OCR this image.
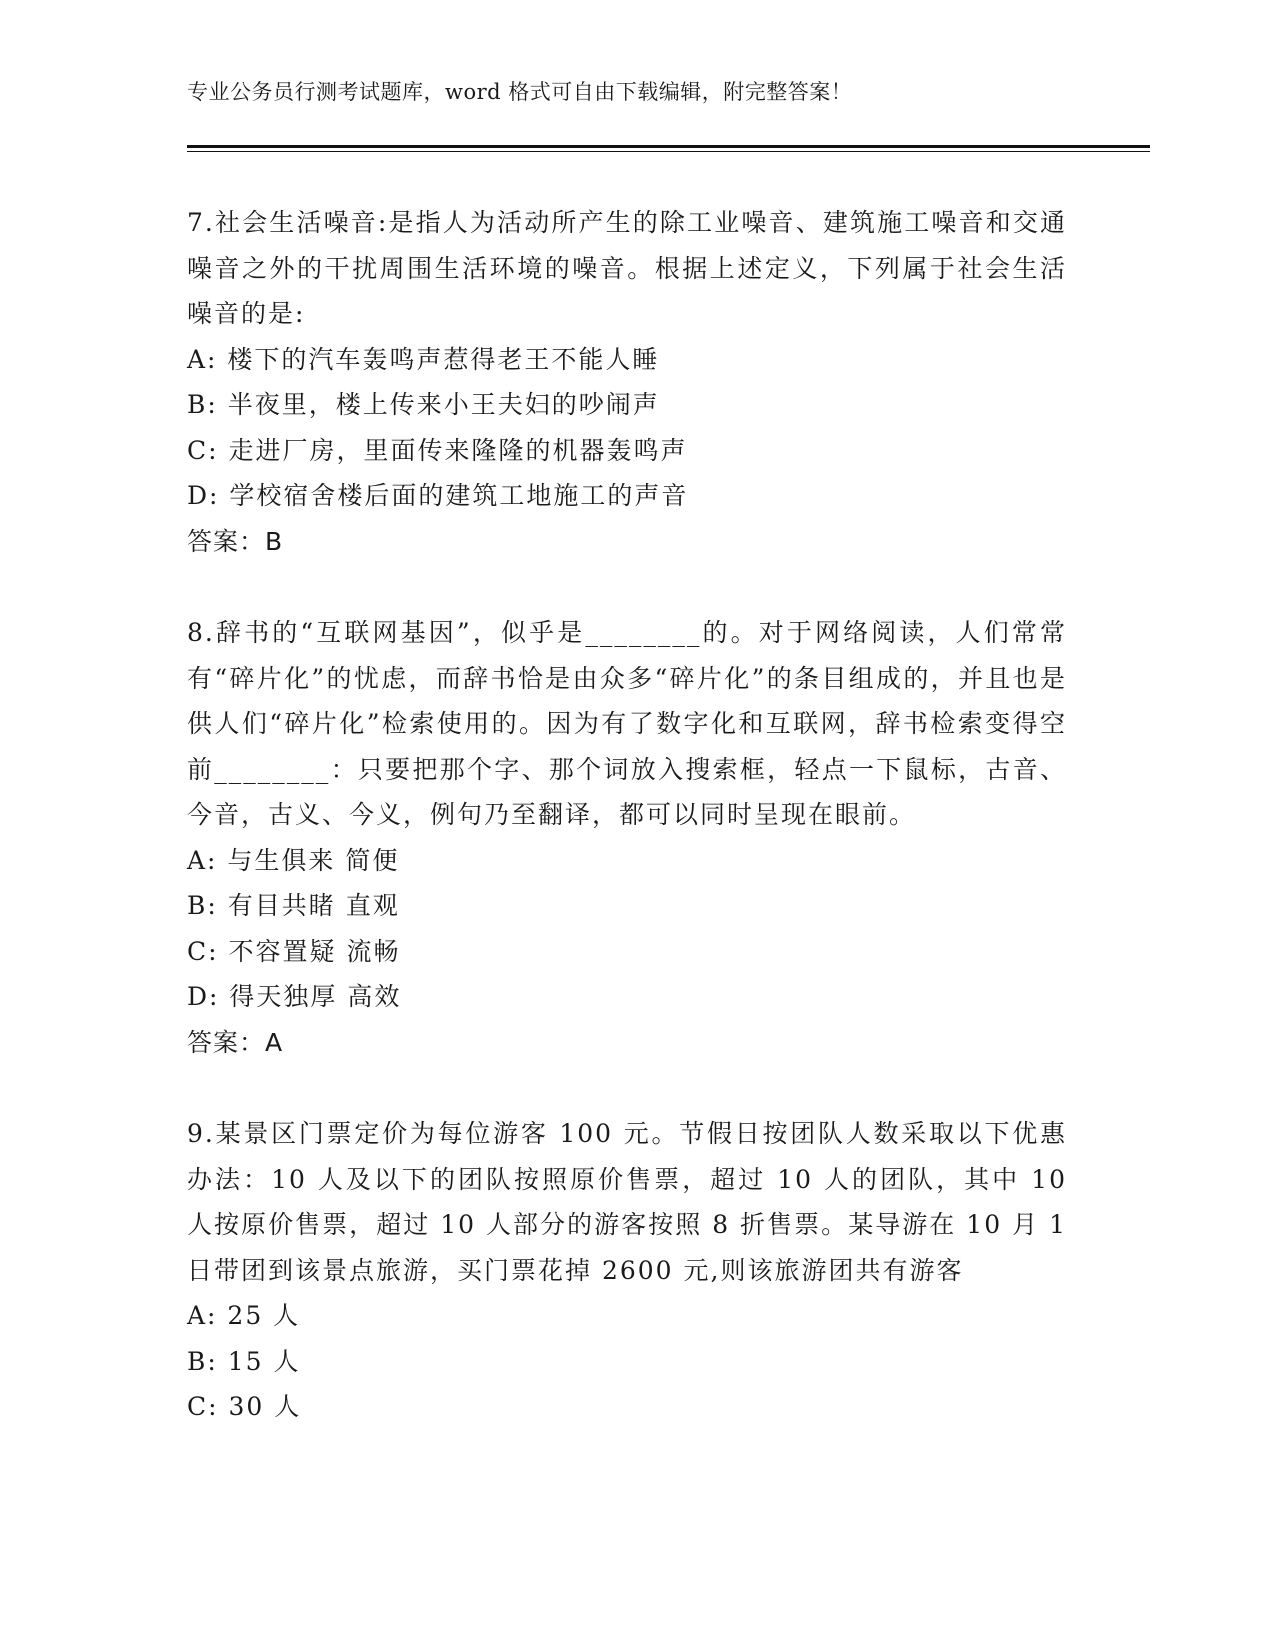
专业公务员行测考试题库，word 格式可自由下载编辑，附完整答案！

7.社会生活噪音:是指人为活动所产生的除工业噪音、建筑施工噪音和交通噪音之外的干扰周围生活环境的噪音。根据上述定义，下列属于社会生活噪音的是:

A: 楼下的汽车轰鸣声惹得老王不能人睡

B: 半夜里，楼上传来小王夫妇的吵闹声

C: 走进厂房，里面传来隆隆的机器轰鸣声

D: 学校宿舍楼后面的建筑工地施工的声音

答案：B

8.辞书的“互联网基因”，似乎是________的。对于网络阅读，人们常常有“碎片化”的忧虑，而辞书恰是由众多“碎片化”的条目组成的，并且也是供人们“碎片化”检索使用的。因为有了数字化和互联网，辞书检索变得空前________：只要把那个字、那个词放入搜索框，轻点一下鼠标，古音、今音，古义、今义，例句乃至翻译，都可以同时呈现在眼前。

A: 与生俱来 简便

B: 有目共睹 直观

C: 不容置疑 流畅

D: 得天独厚 高效

答案：A

9.某景区门票定价为每位游客 100 元。节假日按团队人数采取以下优惠办法：10 人及以下的团队按照原价售票，超过 10 人的团队，其中 10 人按原价售票，超过 10 人部分的游客按照 8 折售票。某导游在 10 月 1 日带团到该景点旅游，买门票花掉 2600 元,则该旅游团共有游客

A: 25 人

B: 15 人

C: 30 人
